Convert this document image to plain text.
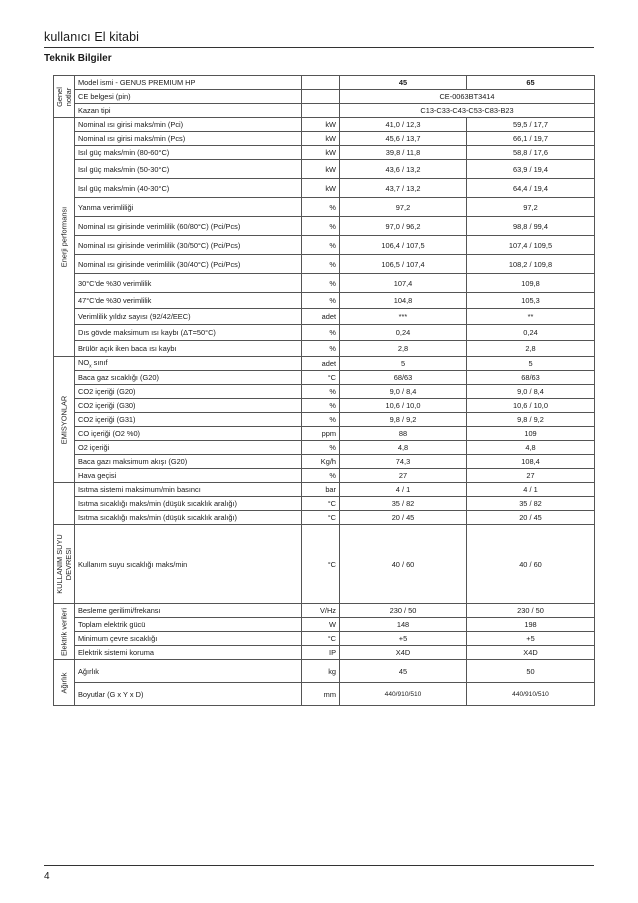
kullanıcı El kitabi
Teknik Bilgiler
Genel notlar	Model ismi - GENUS PREMIUM HP		45	65
	CE belgesi (pin)		CE-0063BT3414	
	Kazan tipi		C13-C33-C43-C53-C83-B23	

Enerji performansı	Nominal ısı girisi maks/min (Pci)	kW	41,0 / 12,3	59,5 / 17,7
	Nominal ısı girisi maks/min (Pcs)	kW	45,6 / 13,7	66,1 / 19,7
	Isıl güç maks/min (80-60°C)	kW	39,8 / 11,8	58,8 / 17,6
	Isıl güç maks/min (50-30°C)	kW	43,6 / 13,2	63,9 / 19,4
	Isıl güç maks/min (40-30°C)	kW	43,7 / 13,2	64,4 / 19,4
	Yanma verimliliği	%	97,2	97,2
	Nominal ısı girisinde verimlilik (60/80°C) (Pci/Pcs)	%	97,0 / 96,2	98,8 / 99,4
	Nominal ısı girisinde verimlilik (30/50°C) (Pci/Pcs)	%	106,4 / 107,5	107,4 / 109,5
	Nominal ısı girisinde verimlilik (30/40°C) (Pci/Pcs)	%	106,5 / 107,4	108,2 / 109,8
	30°C'de %30 verimlilik	%	107,4	109,8
	47°C'de %30 verimlilik	%	104,8	105,3
	Verimlilik yıldız sayısı (92/42/EEC)	adet	***	**
	Dıs gövde maksimum ısı kaybı (ΔT=50°C)	%	0,24	0,24
	Brülör açık iken baca ısı kaybı	%	2,8	2,8

EMISYONLAR	$NO_x$ sınıf	adet	5	5
	Baca gaz sıcaklığı (G20)	°C	68/63	68/63
	CO2 içeriği (G20)	%	9,0 / 8,4	9,0 / 8,4
	CO2 içeriği (G30)	%	10,6 / 10,0	10,6 / 10,0
	CO2 içeriği (G31)	%	9,8 / 9,2	9,8 / 9,2
	CO içeriği (O2 %0)	ppm	88	109
	O2 içeriği	%	4,8	4,8
	Baca gazı maksimum akışı (G20)	Kg/h	74,3	108,4
	Hava geçisi	%	27	27
	Isıtma sistemi maksimum/min basıncı	bar	4 / 1	4 / 1
	Isıtma sıcaklığı maks/min (düşük sıcaklık aralığı)	°C	35 / 82	35 / 82
	Isıtma sıcaklığı maks/min (düşük sıcaklık aralığı)	°C	20 / 45	20 / 45

KULLANIM SUYU DEVRESI	Kullanım suyu sıcaklığı maks/min	°C	40 / 60	40 / 60

Elektrik verileri	Besleme gerilimi/frekansı	V/Hz	230 / 50	230 / 50
	Toplam elektrik gücü	W	148	198
	Minimum çevre sıcaklığı	°C	+5	+5
	Elektrik sistemi koruma	IP	X4D	X4D

Ağırlık	Ağırlık	kg	45	50
	Boyutlar (G x Y x D)	mm	440/910/510	440/910/510
4
